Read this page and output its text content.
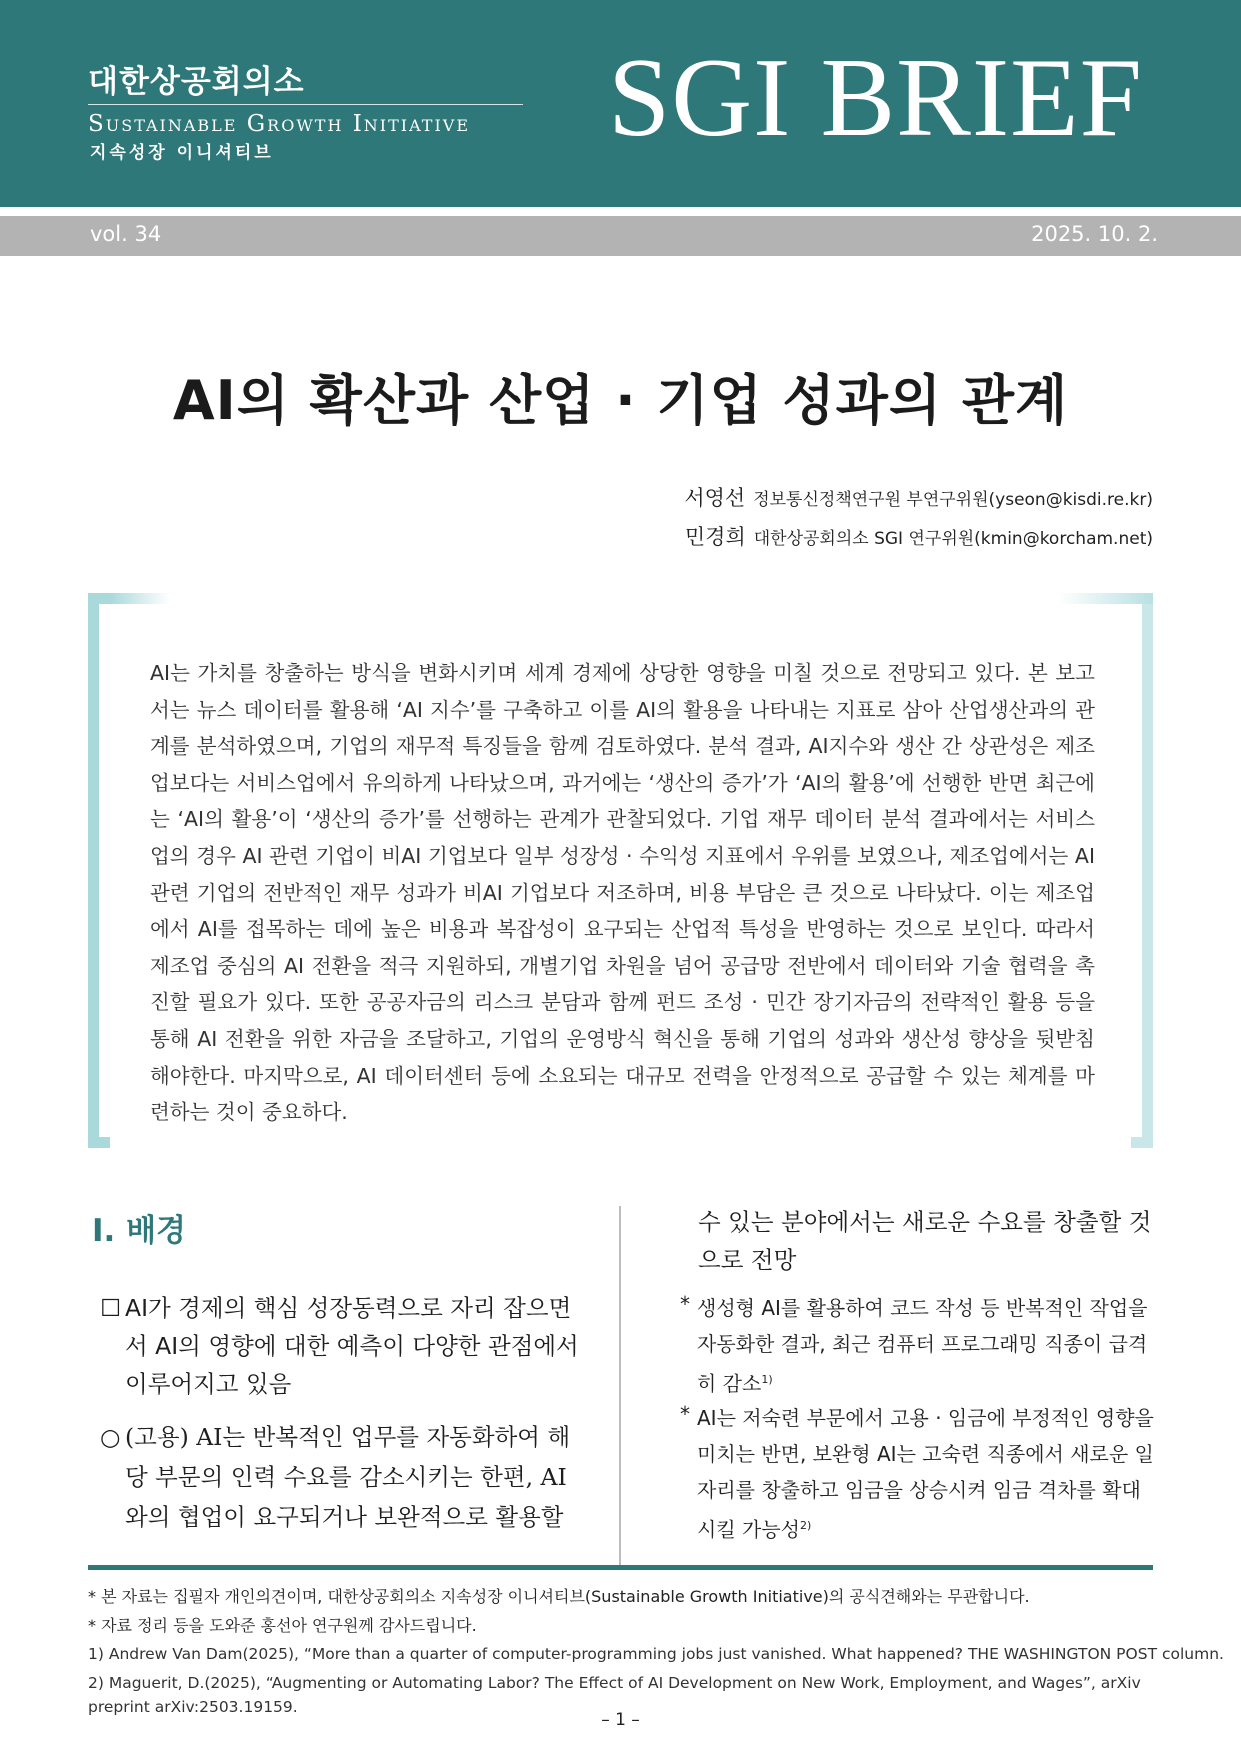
대한상공회의소
Sustainable Growth Initiative
지속성장 이니셔티브	SGI BRIEF
vol. 34	2025. 10. 2.
AI의 확산과 산업 · 기업 성과의 관계
서영선 정보통신정책연구원 부연구위원(yseon@kisdi.re.kr)
민경희 대한상공회의소 SGI 연구위원(kmin@korcham.net)
AI는 가치를 창출하는 방식을 변화시키며 세계 경제에 상당한 영향을 미칠 것으로 전망되고 있다. 본 보고서는 뉴스 데이터를 활용해 ‘AI 지수’를 구축하고 이를 AI의 활용을 나타내는 지표로 삼아 산업생산과의 관계를 분석하였으며, 기업의 재무적 특징들을 함께 검토하였다. 분석 결과, AI지수와 생산 간 상관성은 제조업보다는 서비스업에서 유의하게 나타났으며, 과거에는 ‘생산의 증가’가 ‘AI의 활용’에 선행한 반면 최근에는 ‘AI의 활용’이 ‘생산의 증가’를 선행하는 관계가 관찰되었다. 기업 재무 데이터 분석 결과에서는 서비스업의 경우 AI 관련 기업이 비AI 기업보다 일부 성장성 · 수익성 지표에서 우위를 보였으나, 제조업에서는 AI 관련 기업의 전반적인 재무 성과가 비AI 기업보다 저조하며, 비용 부담은 큰 것으로 나타났다. 이는 제조업에서 AI를 접목하는 데에 높은 비용과 복잡성이 요구되는 산업적 특성을 반영하는 것으로 보인다. 따라서 제조업 중심의 AI 전환을 적극 지원하되, 개별기업 차원을 넘어 공급망 전반에서 데이터와 기술 협력을 촉진할 필요가 있다. 또한 공공자금의 리스크 분담과 함께 펀드 조성 · 민간 장기자금의 전략적인 활용 등을 통해 AI 전환을 위한 자금을 조달하고, 기업의 운영방식 혁신을 통해 기업의 성과와 생산성 향상을 뒷받침해야한다. 마지막으로, AI 데이터센터 등에 소요되는 대규모 전력을 안정적으로 공급할 수 있는 체계를 마련하는 것이 중요하다.
Ⅰ. 배경
☐ AI가 경제의 핵심 성장동력으로 자리 잡으면서 AI의 영향에 대한 예측이 다양한 관점에서 이루어지고 있음
○ (고용) AI는 반복적인 업무를 자동화하여 해당 부문의 인력 수요를 감소시키는 한편, AI와의 협업이 요구되거나 보완적으로 활용할
수 있는 분야에서는 새로운 수요를 창출할 것으로 전망
* 생성형 AI를 활용하여 코드 작성 등 반복적인 작업을 자동화한 결과, 최근 컴퓨터 프로그래밍 직종이 급격히 감소$^{1)}$
* AI는 저숙련 부문에서 고용 · 임금에 부정적인 영향을 미치는 반면, 보완형 AI는 고숙련 직종에서 새로운 일자리를 창출하고 임금을 상승시켜 임금 격차를 확대시킬 가능성$^{2)}$
* 본 자료는 집필자 개인의견이며, 대한상공회의소 지속성장 이니셔티브(Sustainable Growth Initiative)의 공식견해와는 무관합니다.
* 자료 정리 등을 도와준 홍선아 연구원께 감사드립니다.
1) Andrew Van Dam(2025), “More than a quarter of computer-programming jobs just vanished. What happened? THE WASHINGTON POST column.
2) Maguerit, D.(2025), “Augmenting or Automating Labor? The Effect of AI Development on New Work, Employment, and Wages”, arXiv preprint arXiv:2503.19159.
– 1 –
